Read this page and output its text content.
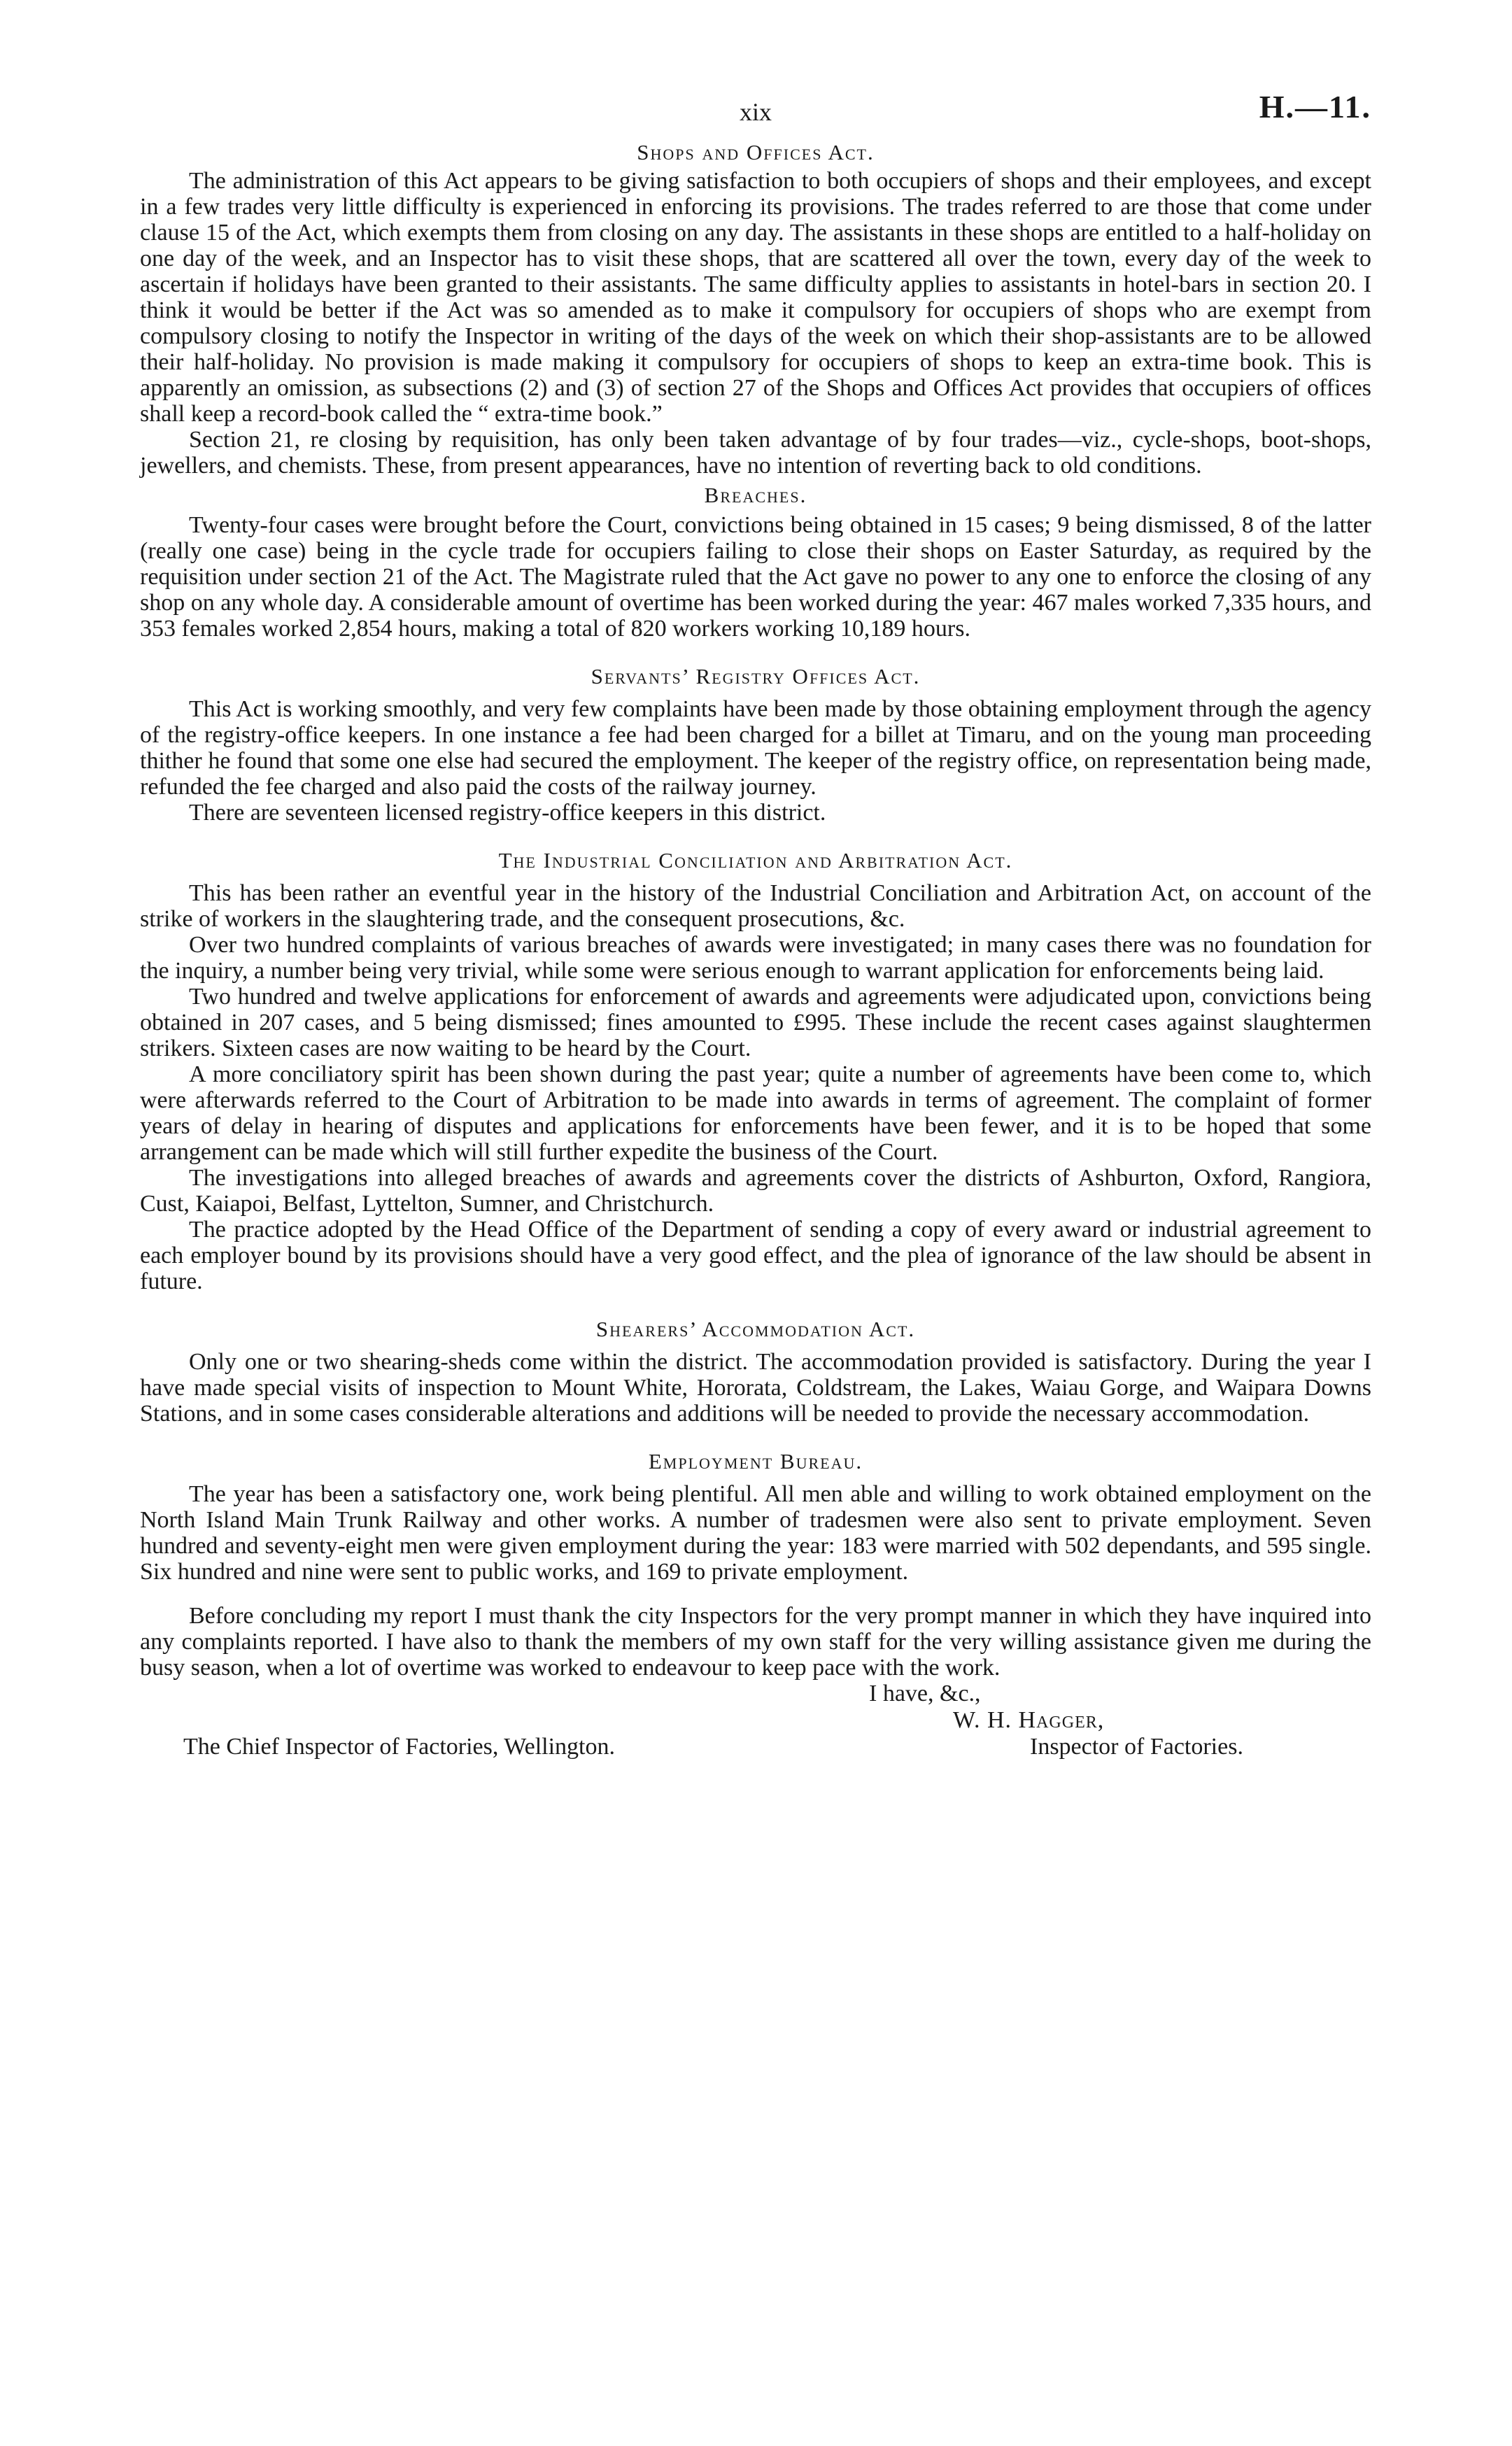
xix	H.—11.
Shops and Offices Act.

The administration of this Act appears to be giving satisfaction to both occupiers of shops and their employees, and except in a few trades very little difficulty is experienced in enforcing its provisions. The trades referred to are those that come under clause 15 of the Act, which exempts them from closing on any day. The assistants in these shops are entitled to a half-holiday on one day of the week, and an Inspector has to visit these shops, that are scattered all over the town, every day of the week to ascertain if holidays have been granted to their assistants. The same difficulty applies to assistants in hotel-bars in section 20. I think it would be better if the Act was so amended as to make it compulsory for occupiers of shops who are exempt from compulsory closing to notify the Inspector in writing of the days of the week on which their shop-assistants are to be allowed their half-holiday. No provision is made making it compulsory for occupiers of shops to keep an extra-time book. This is apparently an omission, as subsections (2) and (3) of section 27 of the Shops and Offices Act provides that occupiers of offices shall keep a record-book called the “ extra-time book.”

Section 21, re closing by requisition, has only been taken advantage of by four trades—viz., cycle-shops, boot-shops, jewellers, and chemists. These, from present appearances, have no intention of reverting back to old conditions.

Breaches.

Twenty-four cases were brought before the Court, convictions being obtained in 15 cases; 9 being dismissed, 8 of the latter (really one case) being in the cycle trade for occupiers failing to close their shops on Easter Saturday, as required by the requisition under section 21 of the Act. The Magistrate ruled that the Act gave no power to any one to enforce the closing of any shop on any whole day. A considerable amount of overtime has been worked during the year: 467 males worked 7,335 hours, and 353 females worked 2,854 hours, making a total of 820 workers working 10,189 hours.

Servants’ Registry Offices Act.

This Act is working smoothly, and very few complaints have been made by those obtaining employment through the agency of the registry-office keepers. In one instance a fee had been charged for a billet at Timaru, and on the young man proceeding thither he found that some one else had secured the employment. The keeper of the registry office, on representation being made, refunded the fee charged and also paid the costs of the railway journey.

There are seventeen licensed registry-office keepers in this district.

The Industrial Conciliation and Arbitration Act.

This has been rather an eventful year in the history of the Industrial Conciliation and Arbitration Act, on account of the strike of workers in the slaughtering trade, and the consequent prosecutions, &c.

Over two hundred complaints of various breaches of awards were investigated; in many cases there was no foundation for the inquiry, a number being very trivial, while some were serious enough to warrant application for enforcements being laid.

Two hundred and twelve applications for enforcement of awards and agreements were adjudicated upon, convictions being obtained in 207 cases, and 5 being dismissed; fines amounted to £995. These include the recent cases against slaughtermen strikers. Sixteen cases are now waiting to be heard by the Court.

A more conciliatory spirit has been shown during the past year; quite a number of agreements have been come to, which were afterwards referred to the Court of Arbitration to be made into awards in terms of agreement. The complaint of former years of delay in hearing of disputes and applications for enforcements have been fewer, and it is to be hoped that some arrangement can be made which will still further expedite the business of the Court.

The investigations into alleged breaches of awards and agreements cover the districts of Ashburton, Oxford, Rangiora, Cust, Kaiapoi, Belfast, Lyttelton, Sumner, and Christchurch.

The practice adopted by the Head Office of the Department of sending a copy of every award or industrial agreement to each employer bound by its provisions should have a very good effect, and the plea of ignorance of the law should be absent in future.

Shearers’ Accommodation Act.

Only one or two shearing-sheds come within the district. The accommodation provided is satisfactory. During the year I have made special visits of inspection to Mount White, Hororata, Coldstream, the Lakes, Waiau Gorge, and Waipara Downs Stations, and in some cases considerable alterations and additions will be needed to provide the necessary accommodation.

Employment Bureau.

The year has been a satisfactory one, work being plentiful. All men able and willing to work obtained employment on the North Island Main Trunk Railway and other works. A number of tradesmen were also sent to private employment. Seven hundred and seventy-eight men were given employment during the year: 183 were married with 502 dependants, and 595 single. Six hundred and nine were sent to public works, and 169 to private employment.

Before concluding my report I must thank the city Inspectors for the very prompt manner in which they have inquired into any complaints reported. I have also to thank the members of my own staff for the very willing assistance given me during the busy season, when a lot of overtime was worked to endeavour to keep pace with the work.

I have, &c.,
W. H. Hagger,
The Chief Inspector of Factories, Wellington.	Inspector of Factories.
